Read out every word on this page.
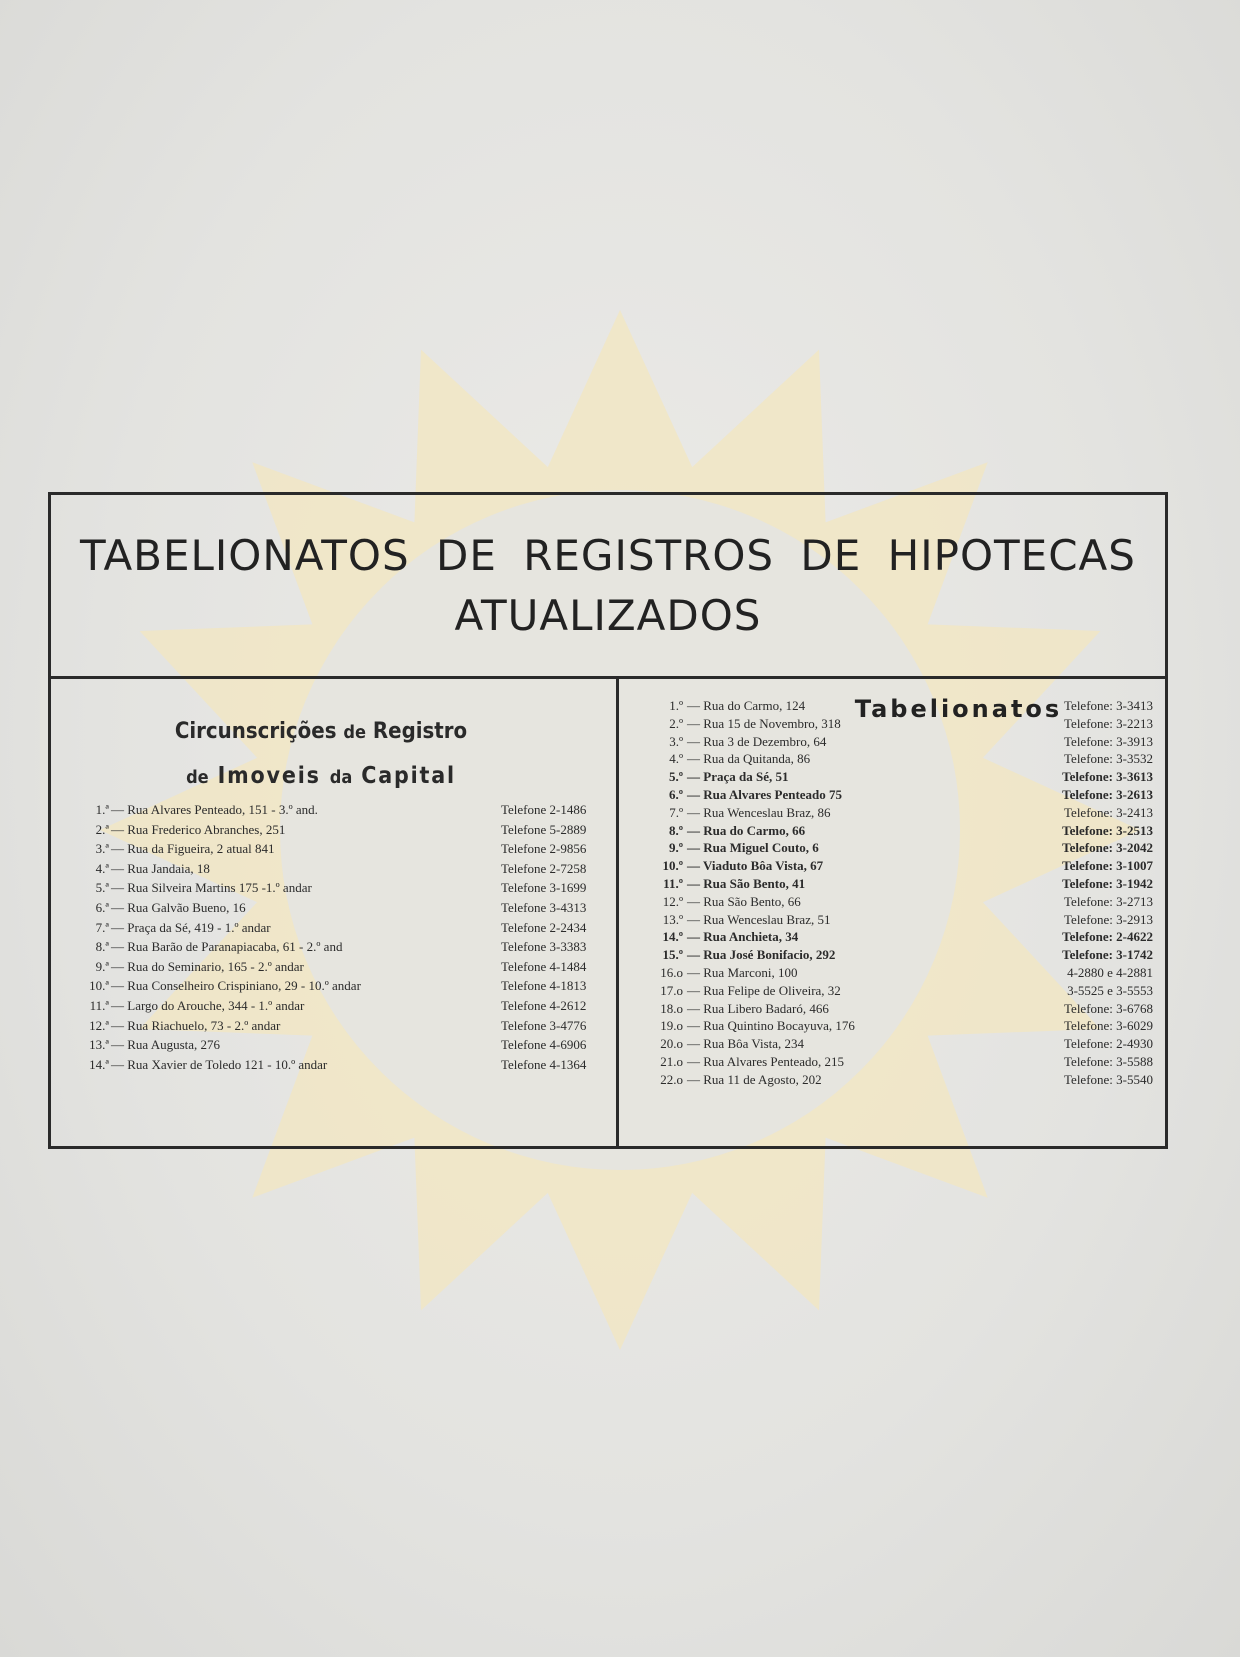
TABELIONATOS DE REGISTROS DE HIPOTECAS
ATUALIZADOS
Circunscrições de Registro
de Imoveis da Capital
Tabelionatos
1.ª — Rua Alvares Penteado, 151 - 3.º and.	Telefone 2-1486
2.ª — Rua Frederico Abranches, 251	Telefone 5-2889
3.ª — Rua da Figueira, 2 atual 841	Telefone 2-9856
4.ª — Rua Jandaia, 18	Telefone 2-7258
5.ª — Rua Silveira Martins 175 -1.º andar	Telefone 3-1699
6.ª — Rua Galvão Bueno, 16	Telefone 3-4313
7.ª — Praça da Sé, 419 - 1.º andar	Telefone 2-2434
8.ª — Rua Barão de Paranapiacaba, 61 - 2.º and	Telefone 3-3383
9.ª — Rua do Seminario, 165 - 2.º andar	Telefone 4-1484
10.ª — Rua Conselheiro Crispiniano, 29 - 10.º andar	Telefone 4-1813
11.ª — Largo do Arouche, 344 - 1.º andar	Telefone 4-2612
12.ª — Rua Riachuelo, 73 - 2.º andar	Telefone 3-4776
13.ª — Rua Augusta, 276	Telefone 4-6906
14.ª — Rua Xavier de Toledo 121 - 10.º andar	Telefone 4-1364
1.º — Rua do Carmo, 124	Telefone: 3-3413
2.º — Rua 15 de Novembro, 318	Telefone: 3-2213
3.º — Rua 3 de Dezembro, 64	Telefone: 3-3913
4.º — Rua da Quitanda, 86	Telefone: 3-3532
5.º — Praça da Sé, 51	Telefone: 3-3613
6.º — Rua Alvares Penteado 75	Telefone: 3-2613
7.º — Rua Wenceslau Braz, 86	Telefone: 3-2413
8.º — Rua do Carmo, 66	Telefone: 3-2513
9.º — Rua Miguel Couto, 6	Telefone: 3-2042
10.º — Viaduto Bôa Vista, 67	Telefone: 3-1007
11.º — Rua São Bento, 41	Telefone: 3-1942
12.º — Rua São Bento, 66	Telefone: 3-2713
13.º — Rua Wenceslau Braz, 51	Telefone: 3-2913
14.º — Rua Anchieta, 34	Telefone: 2-4622
15.º — Rua José Bonifacio, 292	Telefone: 3-1742
16.o — Rua Marconi, 100	4-2880 e 4-2881
17.o — Rua Felipe de Oliveira, 32	3-5525 e 3-5553
18.o — Rua Libero Badaró, 466	Telefone: 3-6768
19.o — Rua Quintino Bocayuva, 176	Telefone: 3-6029
20.o — Rua Bôa Vista, 234	Telefone: 2-4930
21.o — Rua Alvares Penteado, 215	Telefone: 3-5588
22.o — Rua 11 de Agosto, 202	Telefone: 3-5540
